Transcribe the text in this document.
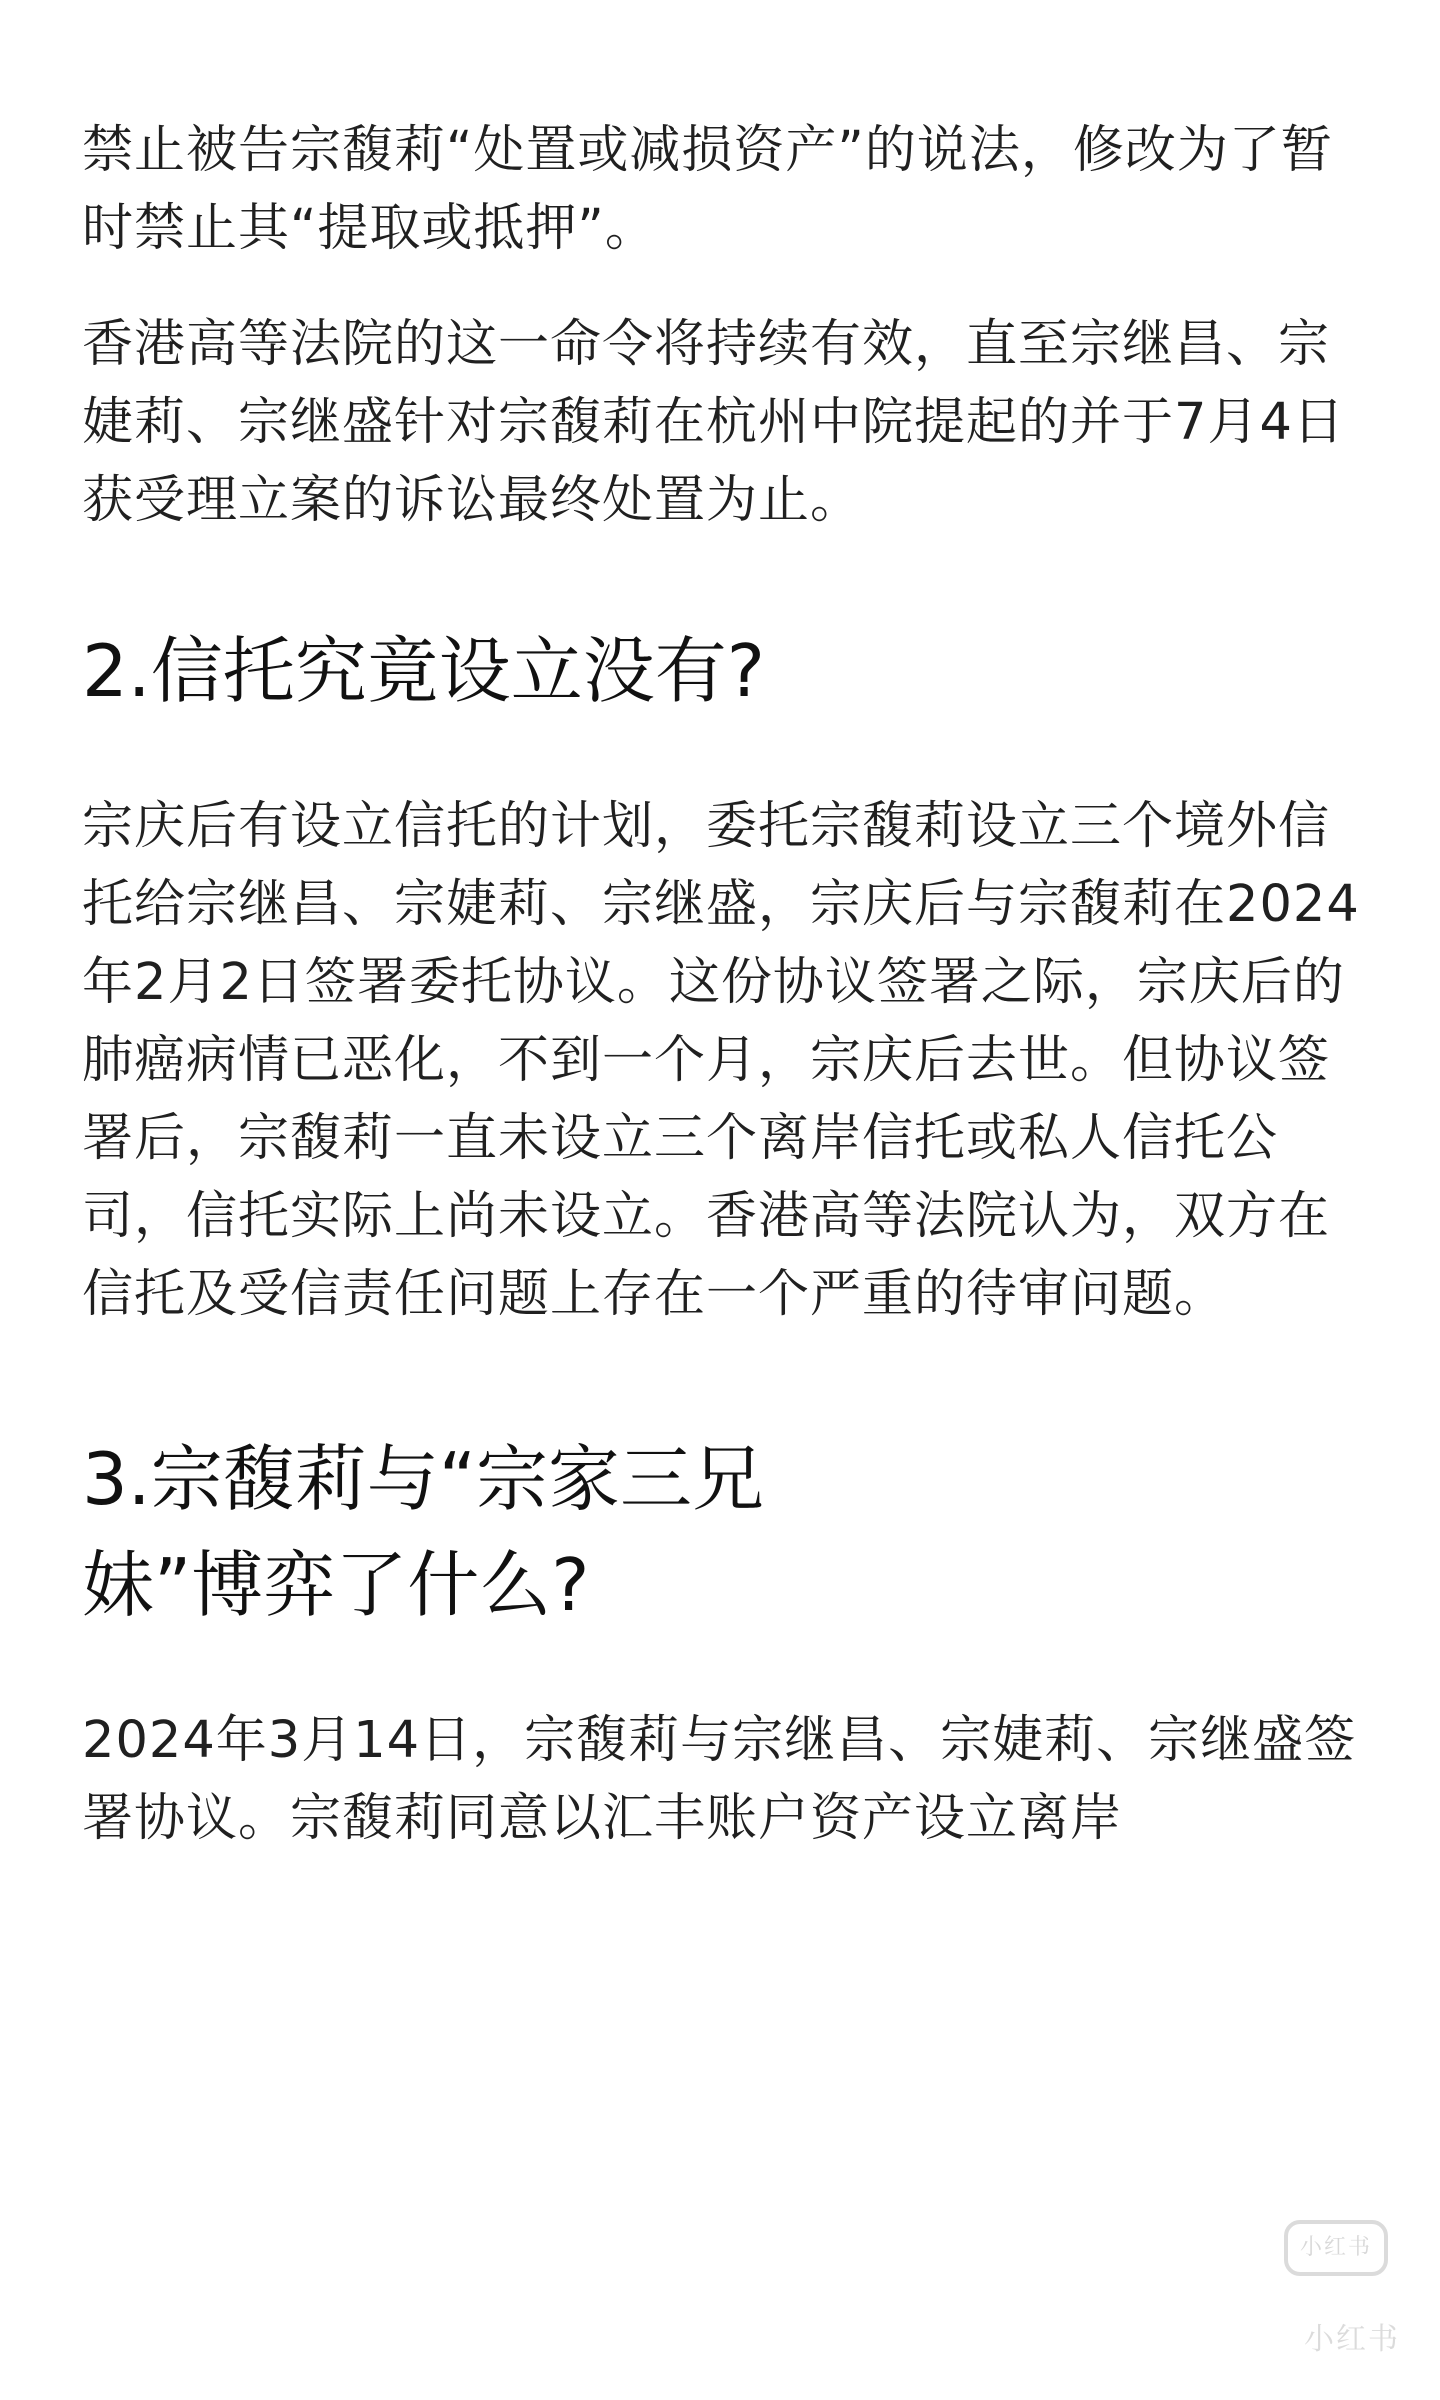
禁止被告宗馥莉“处置或减损资产”的说法，修改为了暂时禁止其“提取或抵押”。

香港高等法院的这一命令将持续有效，直至宗继昌、宗婕莉、宗继盛针对宗馥莉在杭州中院提起的并于7月4日获受理立案的诉讼最终处置为止。

2.信托究竟设立没有?

宗庆后有设立信托的计划，委托宗馥莉设立三个境外信托给宗继昌、宗婕莉、宗继盛，宗庆后与宗馥莉在2024年2月2日签署委托协议。这份协议签署之际，宗庆后的肺癌病情已恶化，不到一个月，宗庆后去世。但协议签署后，宗馥莉一直未设立三个离岸信托或私人信托公司，信托实际上尚未设立。香港高等法院认为，双方在信托及受信责任问题上存在一个严重的待审问题。

3.宗馥莉与“宗家三兄妹”博弈了什么?

2024年3月14日，宗馥莉与宗继昌、宗婕莉、宗继盛签署协议。宗馥莉同意以汇丰账户资产设立离岸

小红书
小红书
